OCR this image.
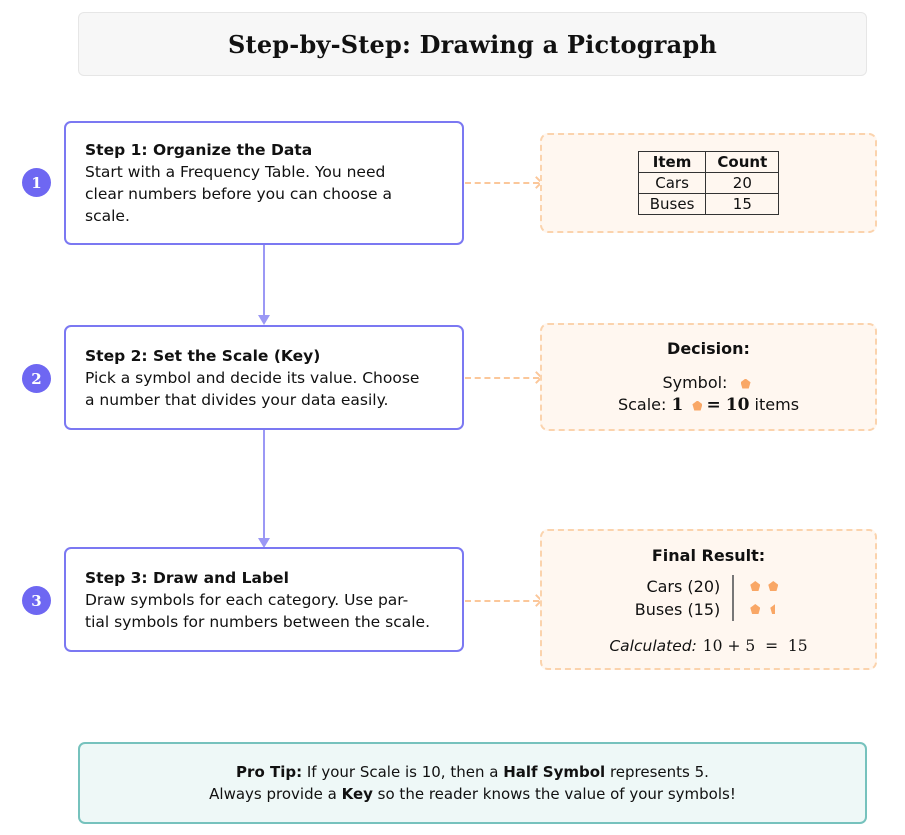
Step-by-Step: Drawing a Pictograph
1
Step 1: Organize the Data
Start with a Frequency Table. You need
clear numbers before you can choose a
scale.
Item	Count
Cars	20
Buses	15
2
Step 2: Set the Scale (Key)
Pick a symbol and decide its value. Choose
a number that divides your data easily.
Decision:
Symbol:
Scale: 1 = 10 items
3
Step 3: Draw and Label
Draw symbols for each category. Use par-
tial symbols for numbers between the scale.
Final Result:
Cars (20)
Buses (15)
Calculated: 10 + 5  =  15
Pro Tip: If your Scale is 10, then a Half Symbol represents 5.
Always provide a Key so the reader knows the value of your symbols!
